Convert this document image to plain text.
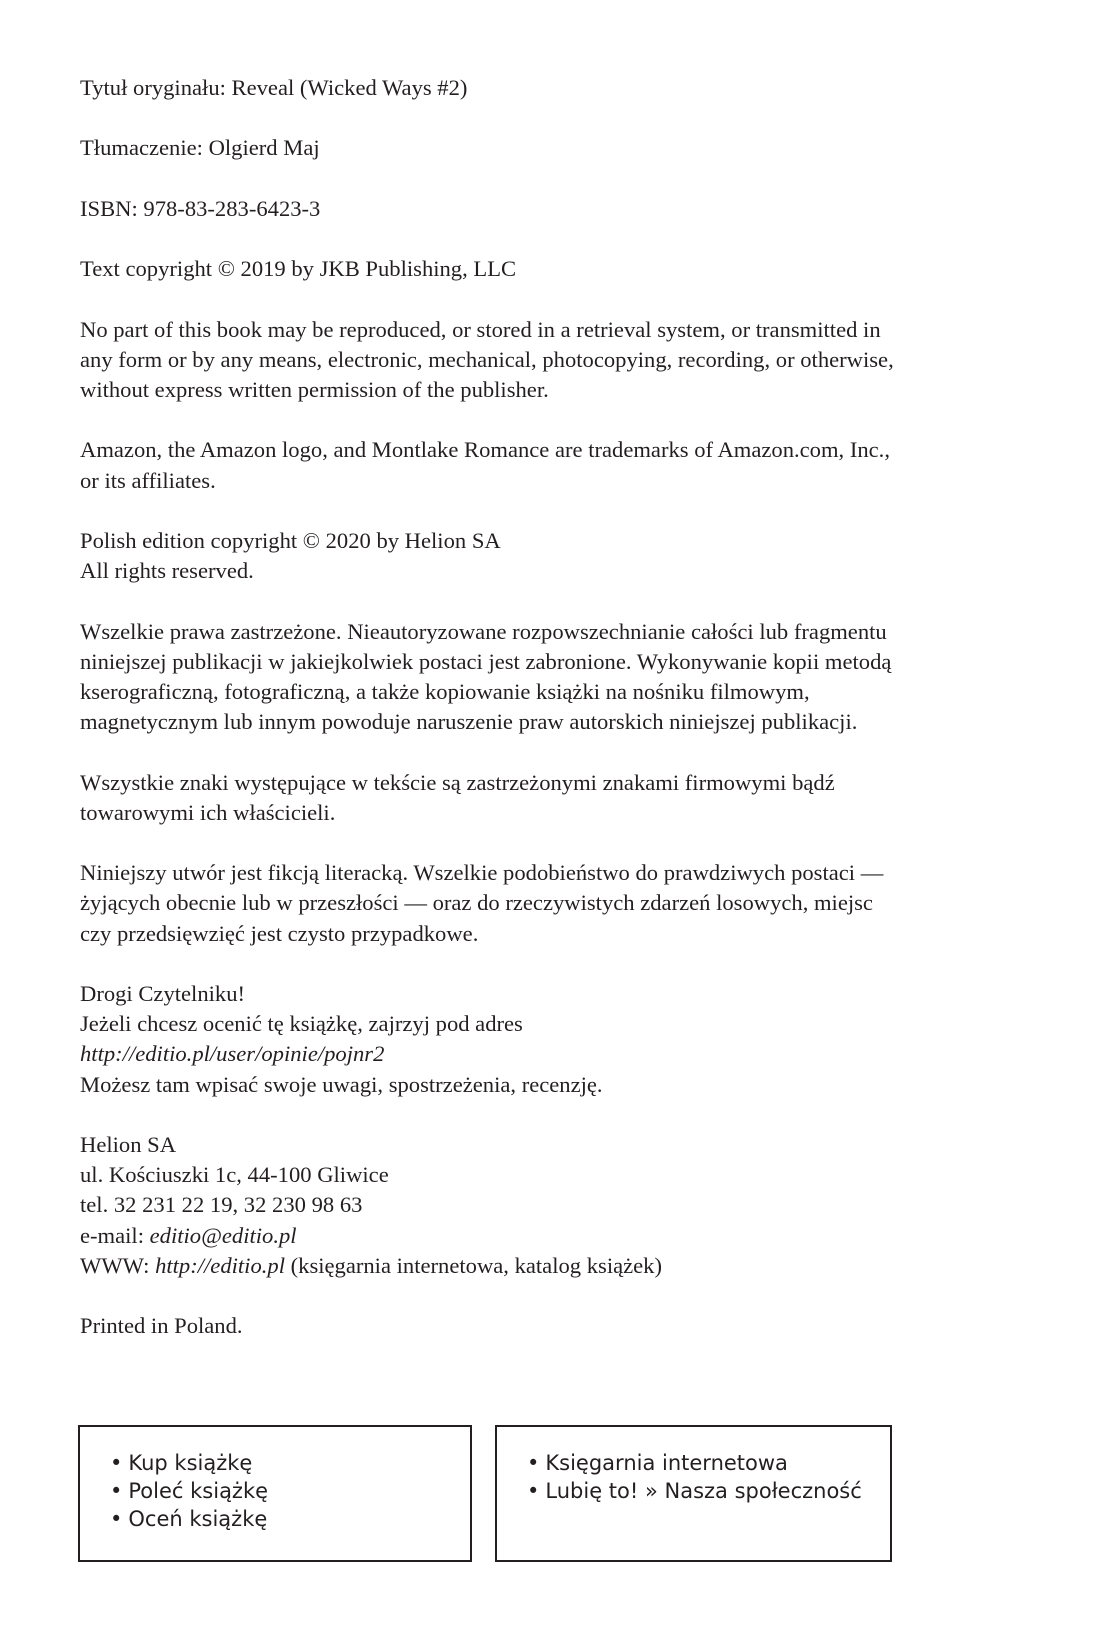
Tytuł oryginału: Reveal (Wicked Ways #2)

Tłumaczenie: Olgierd Maj

ISBN: 978-83-283-6423-3

Text copyright © 2019 by JKB Publishing, LLC

No part of this book may be reproduced, or stored in a retrieval system, or transmitted in
any form or by any means, electronic, mechanical, photocopying, recording, or otherwise,
without express written permission of the publisher.

Amazon, the Amazon logo, and Montlake Romance are trademarks of Amazon.com, Inc.,
or its affiliates.

Polish edition copyright © 2020 by Helion SA
All rights reserved.

Wszelkie prawa zastrzeżone. Nieautoryzowane rozpowszechnianie całości lub fragmentu
niniejszej publikacji w jakiejkolwiek postaci jest zabronione. Wykonywanie kopii metodą
kserograficzną, fotograficzną, a także kopiowanie książki na nośniku filmowym,
magnetycznym lub innym powoduje naruszenie praw autorskich niniejszej publikacji.

Wszystkie znaki występujące w tekście są zastrzeżonymi znakami firmowymi bądź
towarowymi ich właścicieli.

Niniejszy utwór jest fikcją literacką. Wszelkie podobieństwo do prawdziwych postaci —
żyjących obecnie lub w przeszłości — oraz do rzeczywistych zdarzeń losowych, miejsc
czy przedsięwzięć jest czysto przypadkowe.

Drogi Czytelniku!
Jeżeli chcesz ocenić tę książkę, zajrzyj pod adres
http://editio.pl/user/opinie/pojnr2
Możesz tam wpisać swoje uwagi, spostrzeżenia, recenzję.

Helion SA
ul. Kościuszki 1c, 44-100 Gliwice
tel. 32 231 22 19, 32 230 98 63
e-mail: editio@editio.pl
WWW: http://editio.pl (księgarnia internetowa, katalog książek)

Printed in Poland.

• Kup książkę
• Poleć książkę
• Oceń książkę
• Księgarnia internetowa
• Lubię to! » Nasza społeczność
